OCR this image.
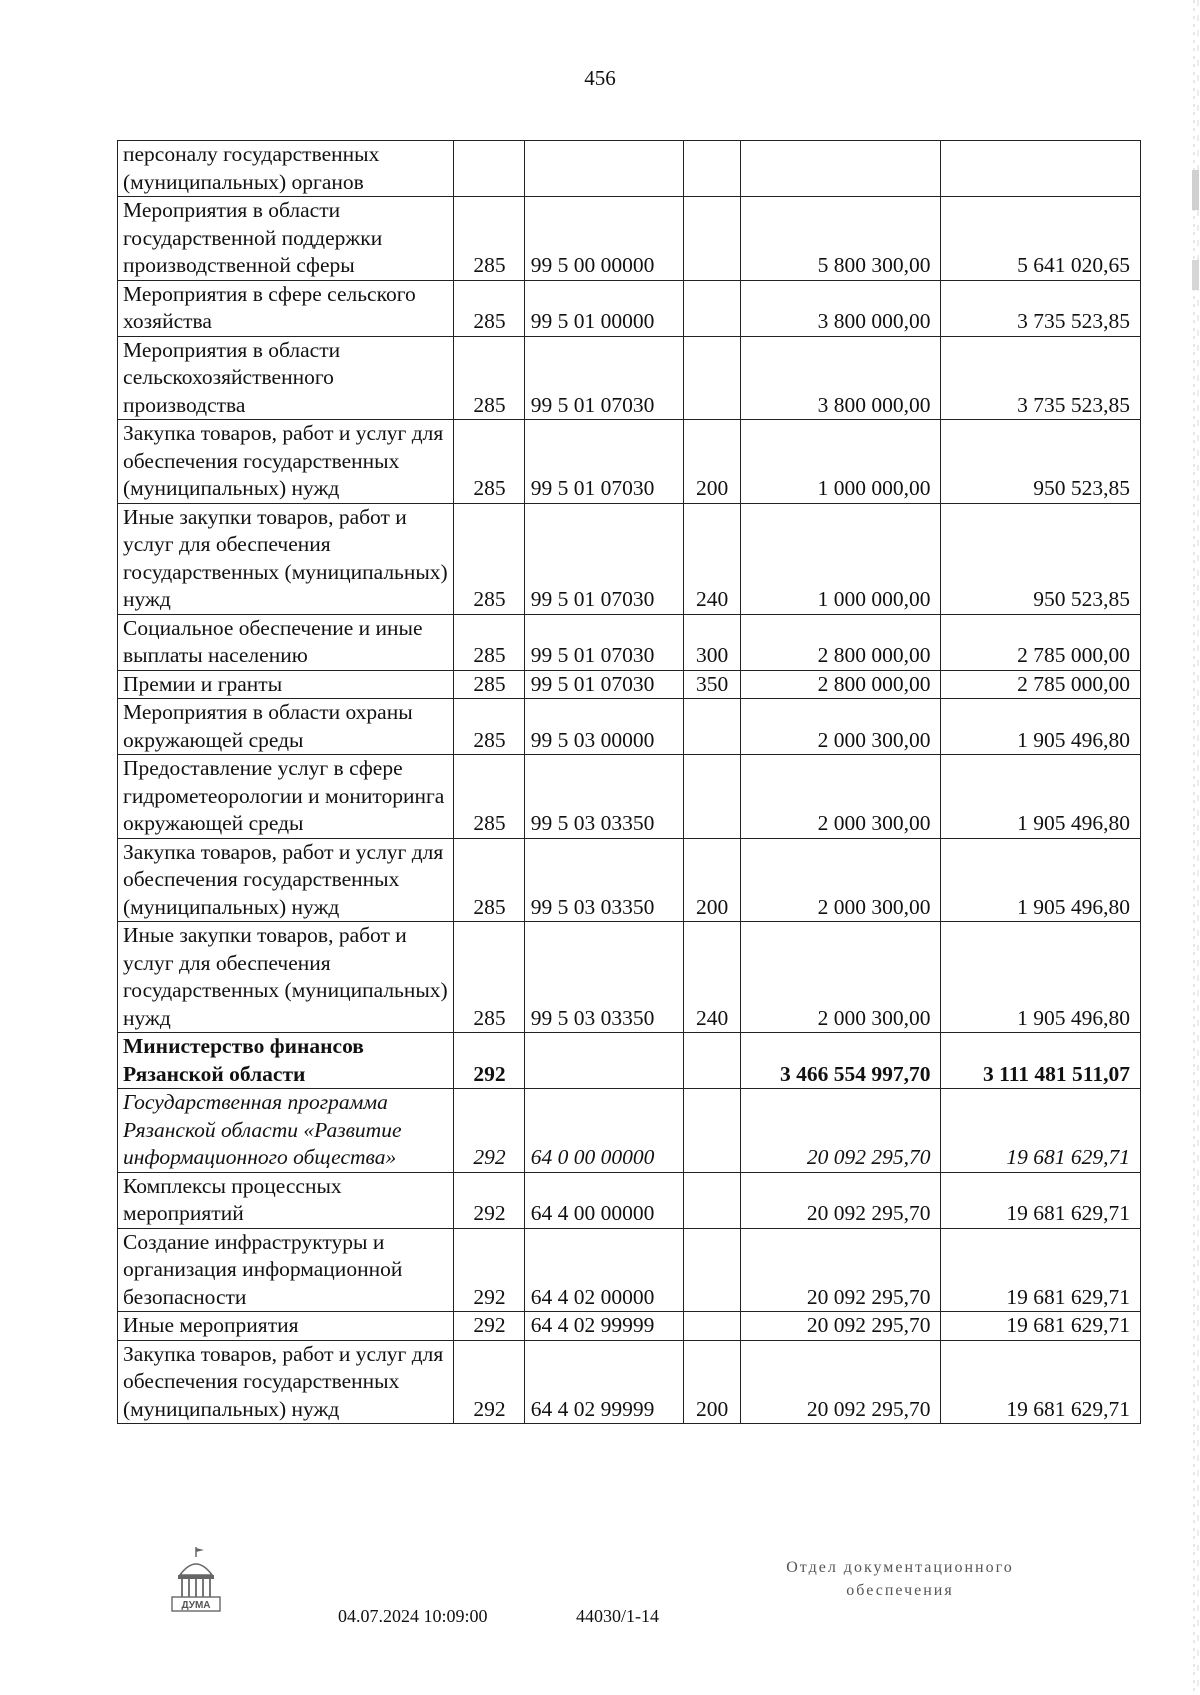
456
персоналу государственных (муниципальных) органов					
Мероприятия в области государственной поддержки производственной сферы	285	99 5 00 00000		5 800 300,00	5 641 020,65
Мероприятия в сфере сельского хозяйства	285	99 5 01 00000		3 800 000,00	3 735 523,85
Мероприятия в области сельскохозяйственного производства	285	99 5 01 07030		3 800 000,00	3 735 523,85
Закупка товаров, работ и услуг для обеспечения государственных (муниципальных) нужд	285	99 5 01 07030	200	1 000 000,00	950 523,85
Иные закупки товаров, работ и услуг для обеспечения государственных (муниципальных) нужд	285	99 5 01 07030	240	1 000 000,00	950 523,85
Социальное обеспечение и иные выплаты населению	285	99 5 01 07030	300	2 800 000,00	2 785 000,00
Премии и гранты	285	99 5 01 07030	350	2 800 000,00	2 785 000,00
Мероприятия в области охраны окружающей среды	285	99 5 03 00000		2 000 300,00	1 905 496,80
Предоставление услуг в сфере гидрометеорологии и мониторинга окружающей среды	285	99 5 03 03350		2 000 300,00	1 905 496,80
Закупка товаров, работ и услуг для обеспечения государственных (муниципальных) нужд	285	99 5 03 03350	200	2 000 300,00	1 905 496,80
Иные закупки товаров, работ и услуг для обеспечения государственных (муниципальных) нужд	285	99 5 03 03350	240	2 000 300,00	1 905 496,80
Министерство финансов Рязанской области	292			3 466 554 997,70	3 111 481 511,07
Государственная программа Рязанской области «Развитие информационного общества»	292	64 0 00 00000		20 092 295,70	19 681 629,71
Комплексы процессных мероприятий	292	64 4 00 00000		20 092 295,70	19 681 629,71
Создание инфраструктуры и организация информационной безопасности	292	64 4 02 00000		20 092 295,70	19 681 629,71
Иные мероприятия	292	64 4 02 99999		20 092 295,70	19 681 629,71
Закупка товаров, работ и услуг для обеспечения государственных (муниципальных) нужд	292	64 4 02 99999	200	20 092 295,70	19 681 629,71
ДУМА
04.07.2024 10:09:00	44030/1-14
Отдел документационного
обеспечения
